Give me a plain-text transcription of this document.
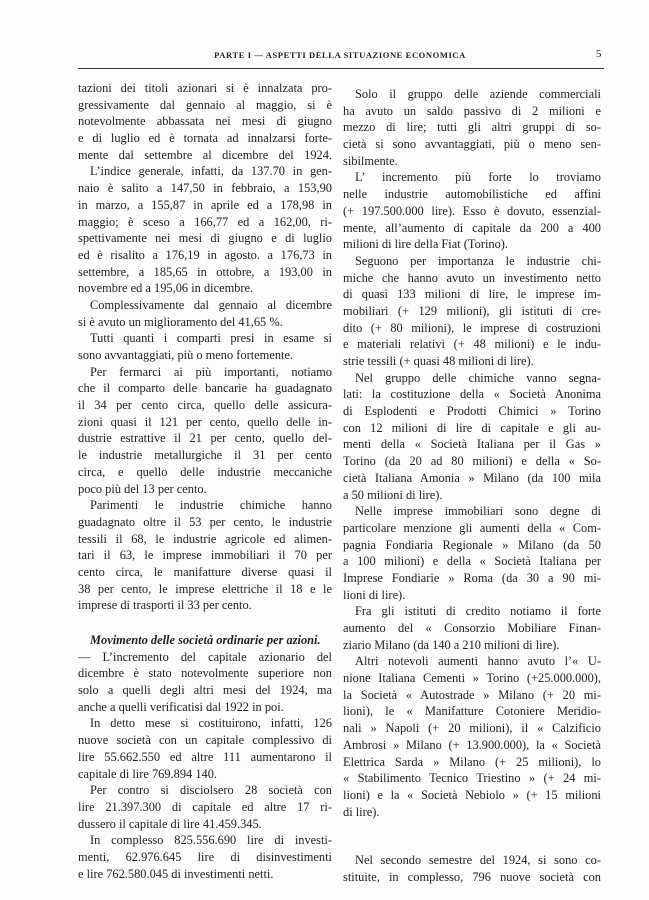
PARTE I — ASPETTI DELLA SITUAZIONE ECONOMICA	5
tazioni dei titoli azionari si è innalzata pro-
gressivamente dal gennaio al maggio, si è
notevolmente abbassata nei mesi di giugno
e di luglio ed è tornata ad innalzarsi forte-
mente dal settembre al dicembre del 1924.
L’indice generale, infatti, da 137.70 in gen-
naio è salito a 147,50 in febbraio, a 153,90
in marzo, a 155,87 in aprile ed a 178,98 in
maggio; è sceso a 166,77 ed a 162,00, ri-
spettivamente nei mesi di giugno e di luglio
ed è risalito a 176,19 in agosto. a 176,73 in
settembre, a 185,65 in ottobre, a 193,00 in
novembre ed a 195,06 in dicembre.
Complessivamente dal gennaio al dicembre
si è avuto un miglioramento del 41,65 %.
Tutti quanti i comparti presi in esame si
sono avvantaggiati, più o meno fortemente.
Per fermarci ai più importanti, notiamo
che il comparto delle bancarie ha guadagnato
il 34 per cento circa, quello delle assicura-
zioni quasi il 121 per cento, quello delle in-
dustrie estrattive il 21 per cento, quello del-
le industrie metallurgiche il 31 per cento
circa, e quello delle industrie meccaniche
poco più del 13 per cento.
Parimenti le industrie chimiche hanno
guadagnato oltre il 53 per cento, le industrie
tessili il 68, le industrie agricole ed alimen-
tari il 63, le imprese immobiliari il 70 per
cento circa, le manifatture diverse quasi il
38 per cento, le imprese elettriche il 18 e le
imprese di trasporti il 33 per cento.
Movimento delle società ordinarie per azioni.
— L’incremento del capitale azionario del
dicembre è stato notevolmente superiore non
solo a quelli degli altri mesi del 1924, ma
anche a quelli verificatisi dal 1922 in poi.
In detto mese si costituirono, infatti, 126
nuove società con un capitale complessivo di
lire 55.662.550 ed altre 111 aumentarono il
capitale di lire 769.894 140.
Per contro si disciolsero 28 società con
lire 21.397.300 di capitale ed altre 17 ri-
dussero il capitale di lire 41.459.345.
In complesso 825.556.690 lire di investi-
menti, 62.976.645 lire di disinvestimenti
e lire 762.580.045 di investimenti netti.
Solo il gruppo delle aziende commerciali
ha avuto un saldo passivo di 2 milioni e
mezzo di lire; tutti gli altri gruppi di so-
cietà si sono avvantaggiati, più o meno sen-
sibilmente.
L’ incremento più forte lo troviamo
nelle industrie automobilistiche ed affini
(+ 197.500.000 lire). Esso è dovuto, essenzial-
mente, all’aumento di capitale da 200 a 400
milioni di lire della Fiat (Torino).
Seguono per importanza le industrie chi-
miche che hanno avuto un investimento netto
di quasi 133 milioni di lire, le imprese im-
mobiliari (+ 129 milioni), gli istituti di cre-
dito (+ 80 milioni), le imprese di costruzioni
e materiali relativi (+ 48 milioni) e le indu-
strie tessili (+ quasi 48 milioni di lire).
Nel gruppo delle chimiche vanno segna-
lati: la costituzione della « Società Anonima
di Esplodenti e Prodotti Chimici » Torino
con 12 milioni di lire di capitale e gli au-
menti della « Società Italiana per il Gas »
Torino (da 20 ad 80 milioni) e della « So-
cietà Italiana Amonia » Milano (da 100 mila
a 50 milioni di lire).
Nelle imprese immobiliari sono degne di
particolare menzione gli aumenti della « Com-
pagnia Fondiaria Regionale » Milano (da 50
a 100 milioni) e della « Società Italiana per
Imprese Fondiarie » Roma (da 30 a 90 mi-
lioni di lire).
Fra gli istituti di credito notiamo il forte
aumento del « Consorzio Mobiliare Finan-
ziario Milano (da 140 a 210 milioni di lire).
Altri notevoli aumenti hanno avuto l’« U-
nione Italiana Cementi » Torino (+25.000.000),
la Società « Autostrade » Milano (+ 20 mi-
lioni), le « Manifatture Cotoniere Meridio-
nali » Napoli (+ 20 milioni), il « Calzificio
Ambrosi » Milano (+ 13.900.000), la « Società
Elettrica Sarda » Milano (+ 25 milioni), lo
« Stabilimento Tecnico Triestino » (+ 24 mi-
lioni) e la « Società Nebiolo » (+ 15 milioni
di lire).
Nel secondo semestre del 1924, si sono co-
stituite, in complesso, 796 nuove società con
